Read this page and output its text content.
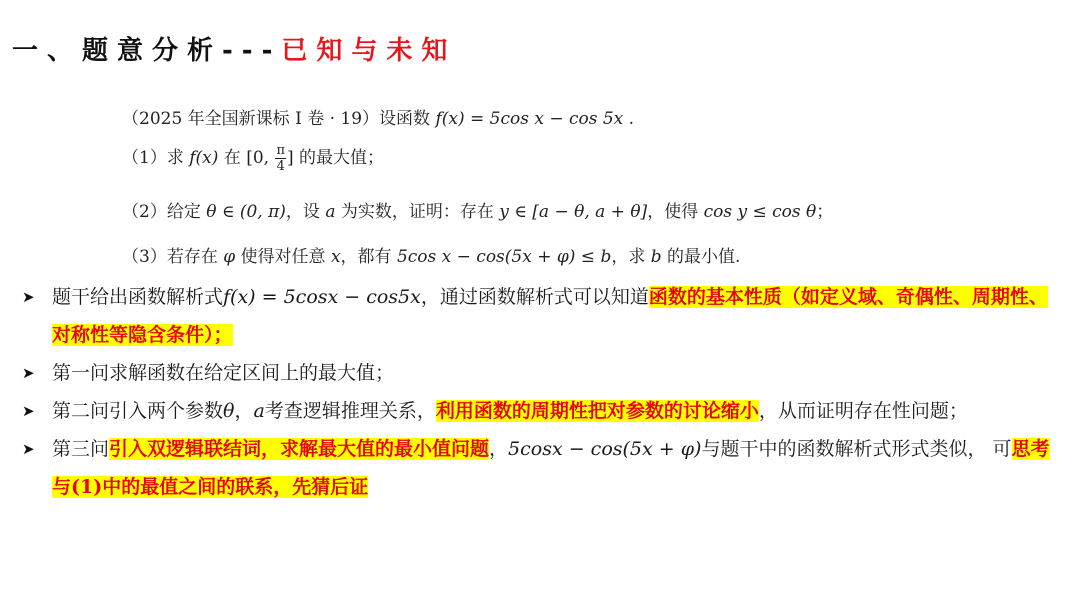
一、题意分析--- 已知与未知
（2025 年全国新课标 Ⅰ 卷 · 19）设函数 f(x) = 5cos x − cos 5x .
（1）求 f(x) 在 [0, $\frac{\pi}{4}$ ] 的最大值；
（2）给定 θ ∈ (0, π)，设 a 为实数，证明：存在 y ∈ [a − θ, a + θ]，使得 cos y ≤ cos θ；
（3）若存在 φ 使得对任意 x，都有 5cos x − cos(5x + φ) ≤ b，求 b 的最小值.
➤ 题干给出函数解析式f(x) = 5cosx − cos5x，通过函数解析式可以知道函数的基本性质（如定义域、奇偶性、周期性、对称性等隐含条件）；
➤ 第一问求解函数在给定区间上的最大值；
➤ 第二问引入两个参数θ，a考查逻辑推理关系，利用函数的周期性把对参数的讨论缩小，从而证明存在性问题；
➤ 第三问引入双逻辑联结词，求解最大值的最小值问题，5cosx − cos(5x + φ)与题干中的函数解析式形式类似， 可思考与(1)中的最值之间的联系，先猜后证
